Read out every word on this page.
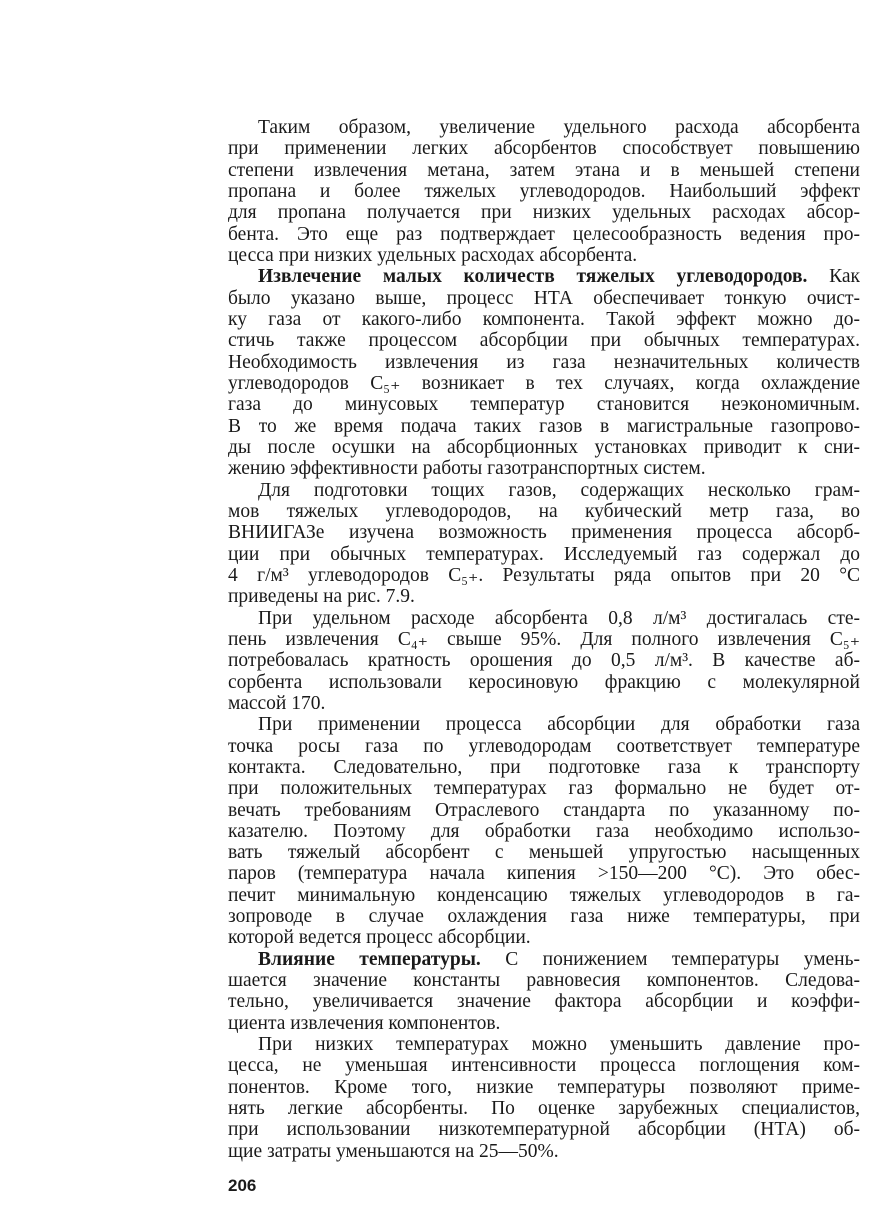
Таким образом, увеличение удельного расхода абсорбента
при применении легких абсорбентов способствует повышению
степени извлечения метана, затем этана и в меньшей степени
пропана и более тяжелых углеводородов. Наибольший эффект
для пропана получается при низких удельных расходах абсор-
бента. Это еще раз подтверждает целесообразность ведения про-
цесса при низких удельных расходах абсорбента.
Извлечение малых количеств тяжелых углеводородов. Как
было указано выше, процесс НТА обеспечивает тонкую очист-
ку газа от какого-либо компонента. Такой эффект можно до-
стичь также процессом абсорбции при обычных температурах.
Необходимость извлечения из газа незначительных количеств
углеводородов C₅₊ возникает в тех случаях, когда охлаждение
газа до минусовых температур становится неэкономичным.
В то же время подача таких газов в магистральные газопрово-
ды после осушки на абсорбционных установках приводит к сни-
жению эффективности работы газотранспортных систем.
Для подготовки тощих газов, содержащих несколько грам-
мов тяжелых углеводородов, на кубический метр газа, во
ВНИИГАЗе изучена возможность применения процесса абсорб-
ции при обычных температурах. Исследуемый газ содержал до
4 г/м³ углеводородов C₅₊. Результаты ряда опытов при 20 °C
приведены на рис. 7.9.
При удельном расходе абсорбента 0,8 л/м³ достигалась сте-
пень извлечения C₄₊ свыше 95%. Для полного извлечения C₅₊
потребовалась кратность орошения до 0,5 л/м³. В качестве аб-
сорбента использовали керосиновую фракцию с молекулярной
массой 170.
При применении процесса абсорбции для обработки газа
точка росы газа по углеводородам соответствует температуре
контакта. Следовательно, при подготовке газа к транспорту
при положительных температурах газ формально не будет от-
вечать требованиям Отраслевого стандарта по указанному по-
казателю. Поэтому для обработки газа необходимо использо-
вать тяжелый абсорбент с меньшей упругостью насыщенных
паров (температура начала кипения >150—200 °C). Это обес-
печит минимальную конденсацию тяжелых углеводородов в га-
зопроводе в случае охлаждения газа ниже температуры, при
которой ведется процесс абсорбции.
Влияние температуры. С понижением температуры умень-
шается значение константы равновесия компонентов. Следова-
тельно, увеличивается значение фактора абсорбции и коэффи-
циента извлечения компонентов.
При низких температурах можно уменьшить давление про-
цесса, не уменьшая интенсивности процесса поглощения ком-
понентов. Кроме того, низкие температуры позволяют приме-
нять легкие абсорбенты. По оценке зарубежных специалистов,
при использовании низкотемпературной абсорбции (НТА) об-
щие затраты уменьшаются на 25—50%.
206
